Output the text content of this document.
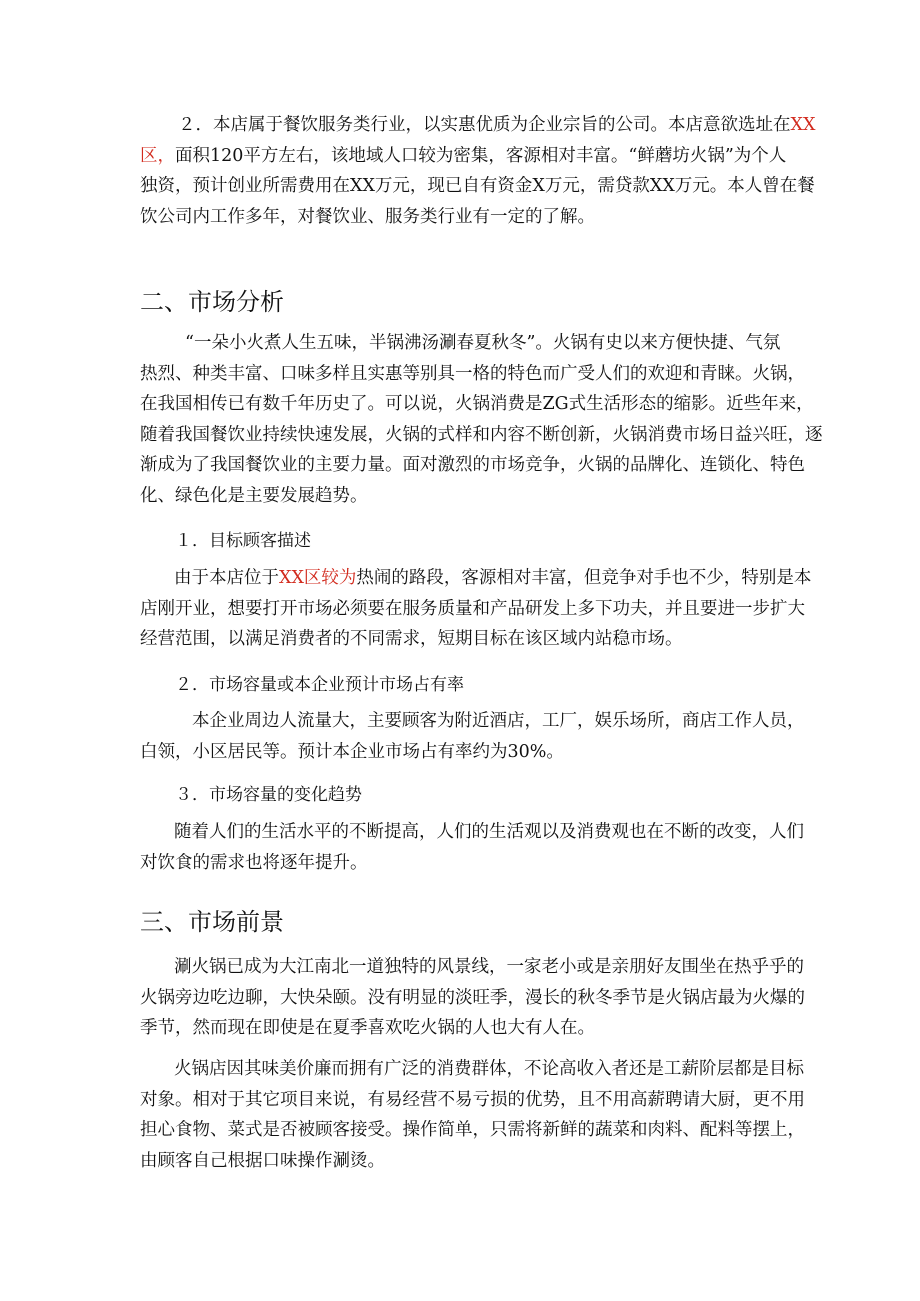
２．本店属于餐饮服务类行业，以实惠优质为企业宗旨的公司。本店意欲选址在XX
区，面积120平方左右，该地域人口较为密集，客源相对丰富。“鲜蘑坊火锅”为个人
独资，预计创业所需费用在XX万元，现已自有资金X万元，需贷款XX万元。本人曾在餐
饮公司内工作多年，对餐饮业、服务类行业有一定的了解。
二、市场分析
“一朵小火煮人生五味，半锅沸汤涮春夏秋冬”。火锅有史以来方便快捷、气氛
热烈、种类丰富、口味多样且实惠等别具一格的特色而广受人们的欢迎和青睐。火锅，
在我国相传已有数千年历史了。可以说，火锅消费是ZG式生活形态的缩影。近些年来，
随着我国餐饮业持续快速发展，火锅的式样和内容不断创新，火锅消费市场日益兴旺，逐
渐成为了我国餐饮业的主要力量。面对激烈的市场竞争，火锅的品牌化、连锁化、特色
化、绿色化是主要发展趋势。

１．目标顾客描述

由于本店位于XX区较为热闹的路段，客源相对丰富，但竞争对手也不少，特别是本
店刚开业，想要打开市场必须要在服务质量和产品研发上多下功夫，并且要进一步扩大
经营范围，以满足消费者的不同需求，短期目标在该区域内站稳市场。

２．市场容量或本企业预计市场占有率

本企业周边人流量大，主要顾客为附近酒店，工厂，娱乐场所，商店工作人员，
白领，小区居民等。预计本企业市场占有率约为30%。

３．市场容量的变化趋势

随着人们的生活水平的不断提高，人们的生活观以及消费观也在不断的改变，人们
对饮食的需求也将逐年提升。
三、市场前景
涮火锅已成为大江南北一道独特的风景线，一家老小或是亲朋好友围坐在热乎乎的
火锅旁边吃边聊，大快朵颐。没有明显的淡旺季，漫长的秋冬季节是火锅店最为火爆的
季节，然而现在即使是在夏季喜欢吃火锅的人也大有人在。
火锅店因其味美价廉而拥有广泛的消费群体，不论高收入者还是工薪阶层都是目标
对象。相对于其它项目来说，有易经营不易亏损的优势，且不用高薪聘请大厨，更不用
担心食物、菜式是否被顾客接受。操作简单，只需将新鲜的蔬菜和肉料、配料等摆上，
由顾客自己根据口味操作涮烫。
